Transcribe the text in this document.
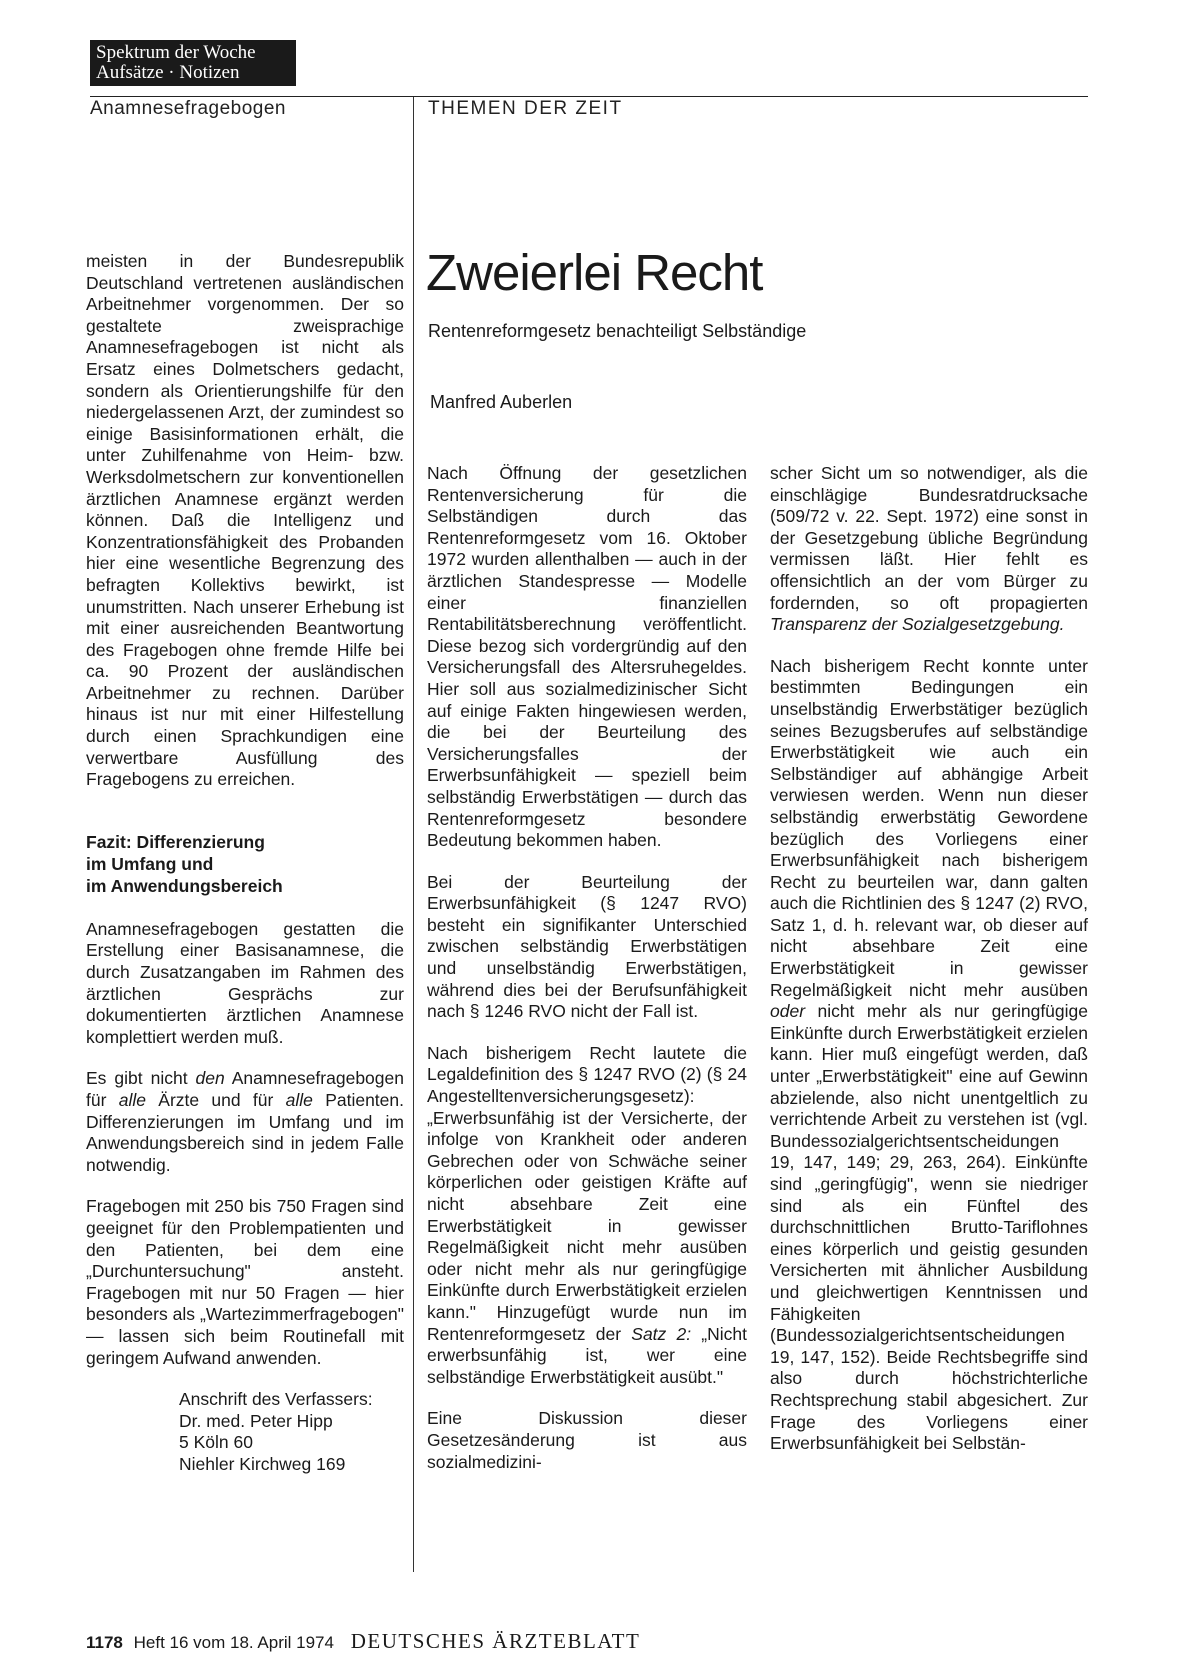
Spektrum der Woche
Aufsätze · Notizen
Anamnesefragebogen	THEMEN DER ZEIT

meisten in der Bundesrepublik Deutschland vertretenen ausländischen Arbeitnehmer vorgenommen. Der so gestaltete zweisprachige Anamnesefragebogen ist nicht als Ersatz eines Dolmetschers gedacht, sondern als Orientierungshilfe für den niedergelassenen Arzt, der zumindest so einige Basisinformationen erhält, die unter Zuhilfenahme von Heim- bzw. Werksdolmetschern zur konventionellen ärztlichen Anamnese ergänzt werden können. Daß die Intelligenz und Konzentrationsfähigkeit des Probanden hier eine wesentliche Begrenzung des befragten Kollektivs bewirkt, ist unumstritten. Nach unserer Erhebung ist mit einer ausreichenden Beantwortung des Fragebogen ohne fremde Hilfe bei ca. 90 Prozent der ausländischen Arbeitnehmer zu rechnen. Darüber hinaus ist nur mit einer Hilfestellung durch einen Sprachkundigen eine verwertbare Ausfüllung des Fragebogens zu erreichen.

Fazit: Differenzierung
im Umfang und
im Anwendungsbereich

Anamnesefragebogen gestatten die Erstellung einer Basisanamnese, die durch Zusatzangaben im Rahmen des ärztlichen Gesprächs zur dokumentierten ärztlichen Anamnese komplettiert werden muß.

Es gibt nicht den Anamnesefragebogen für alle Ärzte und für alle Patienten. Differenzierungen im Umfang und im Anwendungsbereich sind in jedem Falle notwendig.

Fragebogen mit 250 bis 750 Fragen sind geeignet für den Problempatienten und den Patienten, bei dem eine „Durchuntersuchung" ansteht. Fragebogen mit nur 50 Fragen — hier besonders als „Wartezimmerfragebogen" — lassen sich beim Routinefall mit geringem Aufwand anwenden.

Anschrift des Verfassers:
Dr. med. Peter Hipp
5 Köln 60
Niehler Kirchweg 169
Zweierlei Recht
Rentenreformgesetz benachteiligt Selbständige
Manfred Auberlen

Nach Öffnung der gesetzlichen Rentenversicherung für die Selbständigen durch das Rentenreformgesetz vom 16. Oktober 1972 wurden allenthalben — auch in der ärztlichen Standespresse — Modelle einer finanziellen Rentabilitätsberechnung veröffentlicht. Diese bezog sich vordergründig auf den Versicherungsfall des Altersruhegeldes. Hier soll aus sozialmedizinischer Sicht auf einige Fakten hingewiesen werden, die bei der Beurteilung des Versicherungsfalles der Erwerbsunfähigkeit — speziell beim selbständig Erwerbstätigen — durch das Rentenreformgesetz besondere Bedeutung bekommen haben.

Bei der Beurteilung der Erwerbsunfähigkeit (§ 1247 RVO) besteht ein signifikanter Unterschied zwischen selbständig Erwerbstätigen und unselbständig Erwerbstätigen, während dies bei der Berufsunfähigkeit nach § 1246 RVO nicht der Fall ist.

Nach bisherigem Recht lautete die Legaldefinition des § 1247 RVO (2) (§ 24 Angestelltenversicherungsgesetz): „Erwerbsunfähig ist der Versicherte, der infolge von Krankheit oder anderen Gebrechen oder von Schwäche seiner körperlichen oder geistigen Kräfte auf nicht absehbare Zeit eine Erwerbstätigkeit in gewisser Regelmäßigkeit nicht mehr ausüben oder nicht mehr als nur geringfügige Einkünfte durch Erwerbstätigkeit erzielen kann." Hinzugefügt wurde nun im Rentenreformgesetz der Satz 2: „Nicht erwerbsunfähig ist, wer eine selbständige Erwerbstätigkeit ausübt."

Eine Diskussion dieser Gesetzesänderung ist aus sozialmedizini-

scher Sicht um so notwendiger, als die einschlägige Bundesratdrucksache (509/72 v. 22. Sept. 1972) eine sonst in der Gesetzgebung übliche Begründung vermissen läßt. Hier fehlt es offensichtlich an der vom Bürger zu fordernden, so oft propagierten Transparenz der Sozialgesetzgebung.

Nach bisherigem Recht konnte unter bestimmten Bedingungen ein unselbständig Erwerbstätiger bezüglich seines Bezugsberufes auf selbständige Erwerbstätigkeit wie auch ein Selbständiger auf abhängige Arbeit verwiesen werden. Wenn nun dieser selbständig erwerbstätig Gewordene bezüglich des Vorliegens einer Erwerbsunfähigkeit nach bisherigem Recht zu beurteilen war, dann galten auch die Richtlinien des § 1247 (2) RVO, Satz 1, d. h. relevant war, ob dieser auf nicht absehbare Zeit eine Erwerbstätigkeit in gewisser Regelmäßigkeit nicht mehr ausüben oder nicht mehr als nur geringfügige Einkünfte durch Erwerbstätigkeit erzielen kann. Hier muß eingefügt werden, daß unter „Erwerbstätigkeit" eine auf Gewinn abzielende, also nicht unentgeltlich zu verrichtende Arbeit zu verstehen ist (vgl. Bundessozialgerichtsentscheidungen 19, 147, 149; 29, 263, 264). Einkünfte sind „geringfügig", wenn sie niedriger sind als ein Fünftel des durchschnittlichen Brutto-Tariflohnes eines körperlich und geistig gesunden Versicherten mit ähnlicher Ausbildung und gleichwertigen Kenntnissen und Fähigkeiten (Bundessozialgerichtsentscheidungen 19, 147, 152). Beide Rechtsbegriffe sind also durch höchstrichterliche Rechtsprechung stabil abgesichert. Zur Frage des Vorliegens einer Erwerbsunfähigkeit bei Selbstän-

1178 Heft 16 vom 18. April 1974 DEUTSCHES ÄRZTEBLATT
